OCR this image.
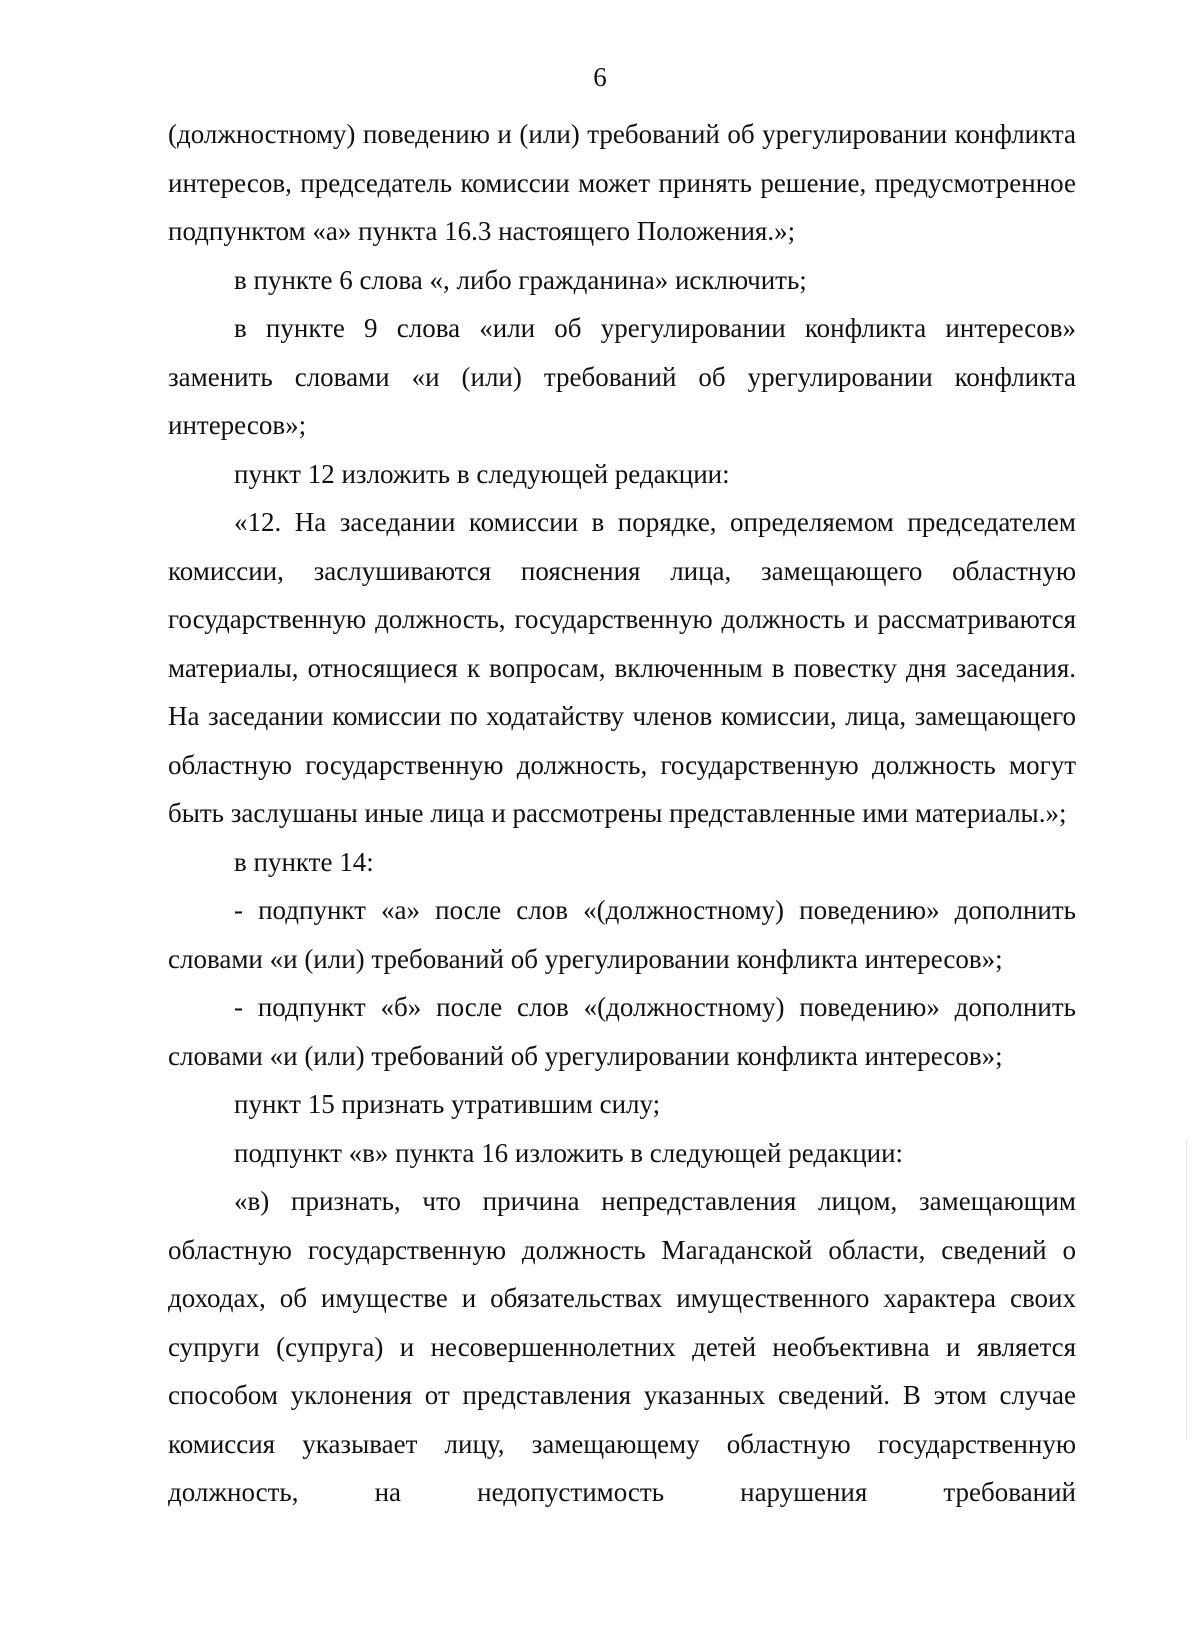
6

(должностному) поведению и (или) требований об урегулировании конфликта интересов, председатель комиссии может принять решение, предусмотренное подпунктом «а» пункта 16.3 настоящего Положения.»;

в пункте 6 слова «, либо гражданина» исключить;

в пункте 9 слова «или об урегулировании конфликта интересов» заменить словами «и (или) требований об урегулировании конфликта интересов»;

пункт 12 изложить в следующей редакции:

«12. На заседании комиссии в порядке, определяемом председателем комиссии, заслушиваются пояснения лица, замещающего областную государственную должность, государственную должность и рассматриваются материалы, относящиеся к вопросам, включенным в повестку дня заседания. На заседании комиссии по ходатайству членов комиссии, лица, замещающего областную государственную должность, государственную должность могут быть заслушаны иные лица и рассмотрены представленные ими материалы.»;

в пункте 14:

- подпункт «а» после слов «(должностному) поведению» дополнить словами «и (или) требований об урегулировании конфликта интересов»;

- подпункт «б» после слов «(должностному) поведению» дополнить словами «и (или) требований об урегулировании конфликта интересов»;

пункт 15 признать утратившим силу;

подпункт «в» пункта 16 изложить в следующей редакции:

«в) признать, что причина непредставления лицом, замещающим областную государственную должность Магаданской области, сведений о доходах, об имуществе и обязательствах имущественного характера своих супруги (супруга) и несовершеннолетних детей необъективна и является способом уклонения от представления указанных сведений. В этом случае комиссия указывает лицу, замещающему областную государственную должность, на недопустимость нарушения требований
